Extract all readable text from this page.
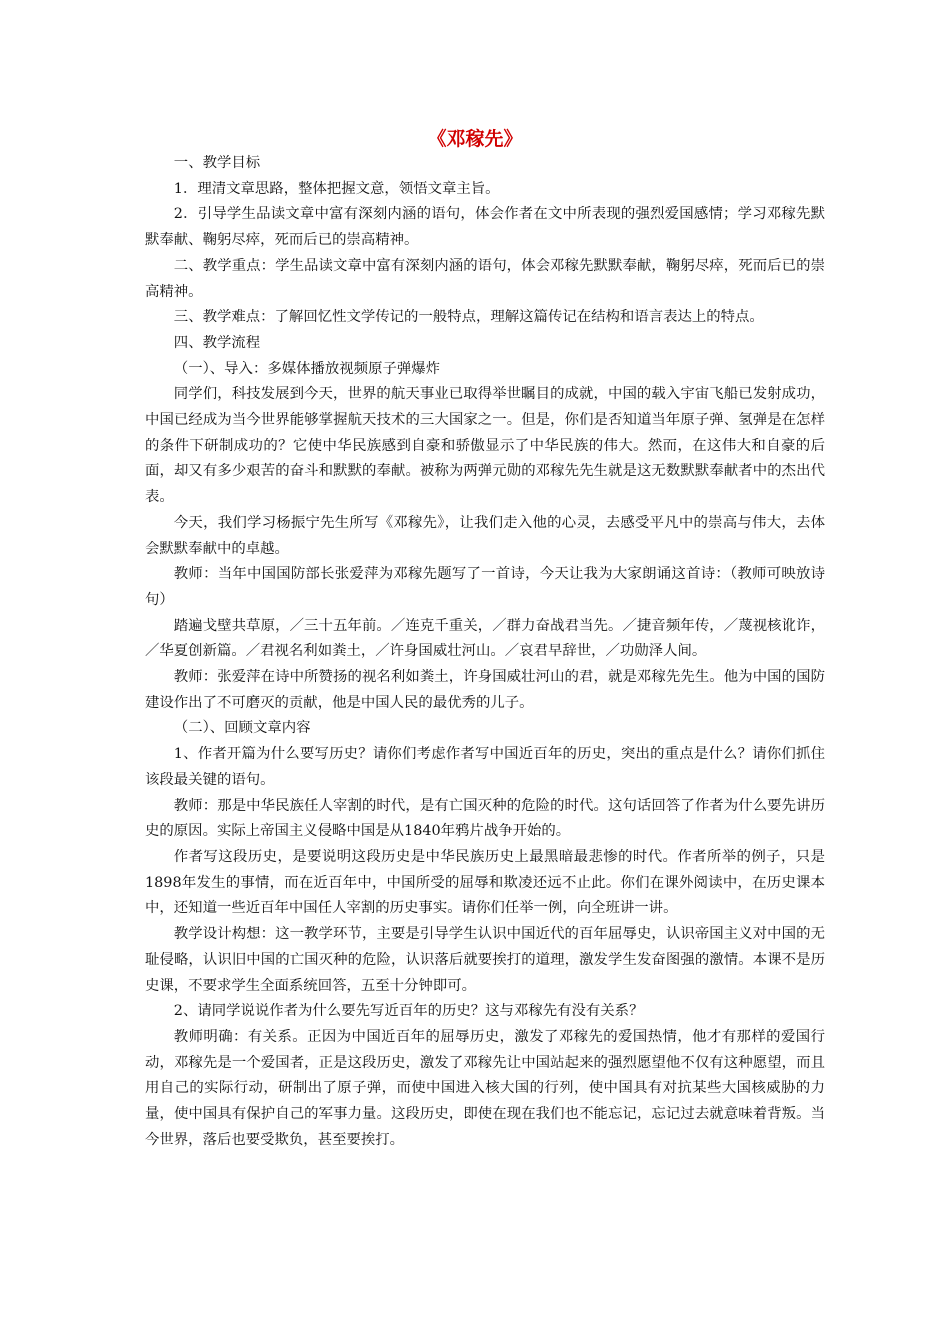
《邓稼先》

一、教学目标

1．理清文章思路，整体把握文意，领悟文章主旨。

2．引导学生品读文章中富有深刻内涵的语句，体会作者在文中所表现的强烈爱国感情；学习邓稼先默默奉献、鞠躬尽瘁，死而后已的崇高精神。

二、教学重点：学生品读文章中富有深刻内涵的语句，体会邓稼先默默奉献，鞠躬尽瘁，死而后已的崇高精神。

三、教学难点：了解回忆性文学传记的一般特点，理解这篇传记在结构和语言表达上的特点。

四、教学流程

（一）、导入：多媒体播放视频原子弹爆炸

同学们，科技发展到今天，世界的航天事业已取得举世瞩目的成就，中国的载入宇宙飞船已发射成功，中国已经成为当今世界能够掌握航天技术的三大国家之一。但是，你们是否知道当年原子弹、氢弹是在怎样的条件下研制成功的？它使中华民族感到自豪和骄傲显示了中华民族的伟大。然而，在这伟大和自豪的后面，却又有多少艰苦的奋斗和默默的奉献。被称为两弹元勋的邓稼先先生就是这无数默默奉献者中的杰出代表。

今天，我们学习杨振宁先生所写《邓稼先》，让我们走入他的心灵，去感受平凡中的崇高与伟大，去体会默默奉献中的卓越。

教师：当年中国国防部长张爱萍为邓稼先题写了一首诗，今天让我为大家朗诵这首诗：（教师可映放诗句）

踏遍戈壁共草原，／三十五年前。／连克千重关，／群力奋战君当先。／捷音频年传，／蔑视核讹诈，／华夏创新篇。／君视名利如粪土，／许身国威壮河山。／哀君早辞世，／功勋泽人间。

教师：张爱萍在诗中所赞扬的视名利如粪土，许身国威壮河山的君，就是邓稼先先生。他为中国的国防建设作出了不可磨灭的贡献，他是中国人民的最优秀的儿子。

（二）、回顾文章内容

1、作者开篇为什么要写历史？请你们考虑作者写中国近百年的历史，突出的重点是什么？请你们抓住该段最关键的语句。

教师：那是中华民族任人宰割的时代，是有亡国灭种的危险的时代。这句话回答了作者为什么要先讲历史的原因。实际上帝国主义侵略中国是从1840年鸦片战争开始的。

作者写这段历史，是要说明这段历史是中华民族历史上最黑暗最悲惨的时代。作者所举的例子，只是1898年发生的事情，而在近百年中，中国所受的屈辱和欺凌还远不止此。你们在课外阅读中，在历史课本中，还知道一些近百年中国任人宰割的历史事实。请你们任举一例，向全班讲一讲。

教学设计构想：这一教学环节，主要是引导学生认识中国近代的百年屈辱史，认识帝国主义对中国的无耻侵略，认识旧中国的亡国灭种的危险，认识落后就要挨打的道理，激发学生发奋图强的激情。本课不是历史课，不要求学生全面系统回答，五至十分钟即可。

2、请同学说说作者为什么要先写近百年的历史？这与邓稼先有没有关系？

教师明确：有关系。正因为中国近百年的屈辱历史，激发了邓稼先的爱国热情，他才有那样的爱国行动，邓稼先是一个爱国者，正是这段历史，激发了邓稼先让中国站起来的强烈愿望他不仅有这种愿望，而且用自己的实际行动，研制出了原子弹，而使中国进入核大国的行列，使中国具有对抗某些大国核威胁的力量，使中国具有保护自己的军事力量。这段历史，即使在现在我们也不能忘记，忘记过去就意味着背叛。当今世界，落后也要受欺负，甚至要挨打。
